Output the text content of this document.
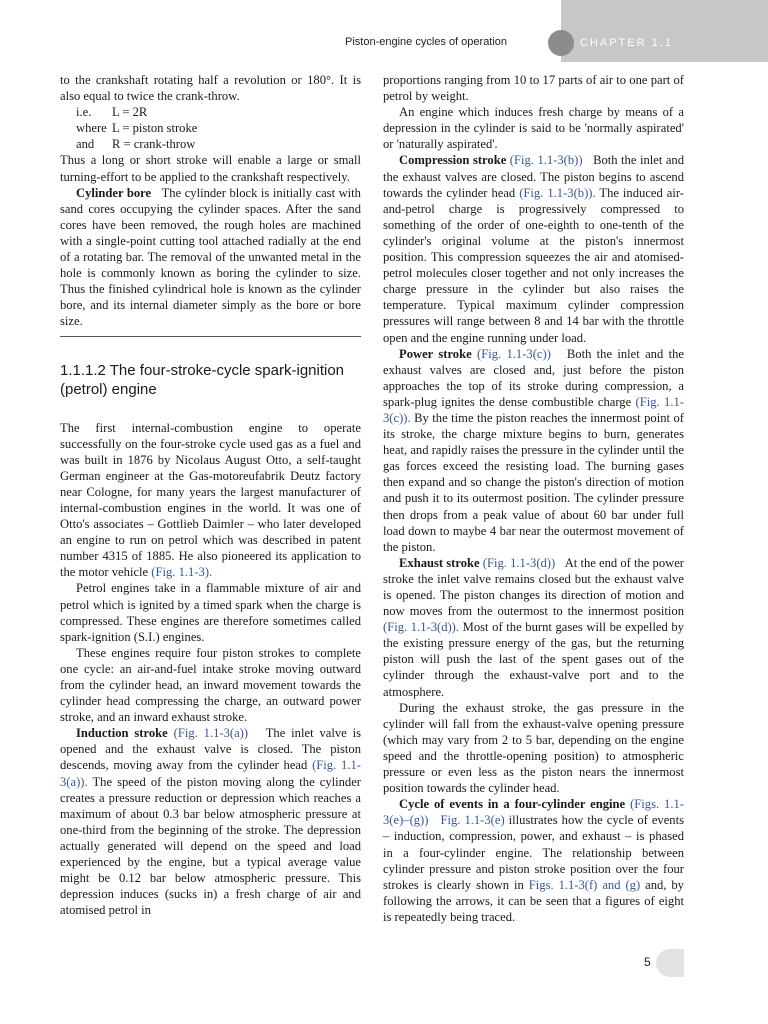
Piston-engine cycles of operation	CHAPTER 1.1

to the crankshaft rotating half a revolution or 180°. It is also equal to twice the crank-throw.

i.e.	L = 2R
where L = piston stroke
and	R = crank-throw

Thus a long or short stroke will enable a large or small turning-effort to be applied to the crankshaft respectively.

Cylinder bore The cylinder block is initially cast with sand cores occupying the cylinder spaces. After the sand cores have been removed, the rough holes are machined with a single-point cutting tool attached radially at the end of a rotating bar. The removal of the unwanted metal in the hole is commonly known as boring the cylinder to size. Thus the finished cylindrical hole is known as the cylinder bore, and its internal diameter simply as the bore or bore size.

1.1.1.2 The four-stroke-cycle spark-ignition (petrol) engine

The first internal-combustion engine to operate successfully on the four-stroke cycle used gas as a fuel and was built in 1876 by Nicolaus August Otto, a self-taught German engineer at the Gas-motoreufabrik Deutz factory near Cologne, for many years the largest manufacturer of internal-combustion engines in the world. It was one of Otto's associates – Gottlieb Daimler – who later developed an engine to run on petrol which was described in patent number 4315 of 1885. He also pioneered its application to the motor vehicle (Fig. 1.1-3).

Petrol engines take in a flammable mixture of air and petrol which is ignited by a timed spark when the charge is compressed. These engines are therefore sometimes called spark-ignition (S.I.) engines.

These engines require four piston strokes to complete one cycle: an air-and-fuel intake stroke moving outward from the cylinder head, an inward movement towards the cylinder head compressing the charge, an outward power stroke, and an inward exhaust stroke.

Induction stroke (Fig. 1.1-3(a)) The inlet valve is opened and the exhaust valve is closed. The piston descends, moving away from the cylinder head (Fig. 1.1-3(a)). The speed of the piston moving along the cylinder creates a pressure reduction or depression which reaches a maximum of about 0.3 bar below atmospheric pressure at one-third from the beginning of the stroke. The depression actually generated will depend on the speed and load experienced by the engine, but a typical average value might be 0.12 bar below atmospheric pressure. This depression induces (sucks in) a fresh charge of air and atomised petrol in

proportions ranging from 10 to 17 parts of air to one part of petrol by weight.

An engine which induces fresh charge by means of a depression in the cylinder is said to be 'normally aspirated' or 'naturally aspirated'.

Compression stroke (Fig. 1.1-3(b)) Both the inlet and the exhaust valves are closed. The piston begins to ascend towards the cylinder head (Fig. 1.1-3(b)). The induced air-and-petrol charge is progressively compressed to something of the order of one-eighth to one-tenth of the cylinder's original volume at the piston's innermost position. This compression squeezes the air and atomised-petrol molecules closer together and not only increases the charge pressure in the cylinder but also raises the temperature. Typical maximum cylinder compression pressures will range between 8 and 14 bar with the throttle open and the engine running under load.

Power stroke (Fig. 1.1-3(c)) Both the inlet and the exhaust valves are closed and, just before the piston approaches the top of its stroke during compression, a spark-plug ignites the dense combustible charge (Fig. 1.1-3(c)). By the time the piston reaches the innermost point of its stroke, the charge mixture begins to burn, generates heat, and rapidly raises the pressure in the cylinder until the gas forces exceed the resisting load. The burning gases then expand and so change the piston's direction of motion and push it to its outermost position. The cylinder pressure then drops from a peak value of about 60 bar under full load down to maybe 4 bar near the outermost movement of the piston.

Exhaust stroke (Fig. 1.1-3(d)) At the end of the power stroke the inlet valve remains closed but the exhaust valve is opened. The piston changes its direction of motion and now moves from the outermost to the innermost position (Fig. 1.1-3(d)). Most of the burnt gases will be expelled by the existing pressure energy of the gas, but the returning piston will push the last of the spent gases out of the cylinder through the exhaust-valve port and to the atmosphere.

During the exhaust stroke, the gas pressure in the cylinder will fall from the exhaust-valve opening pressure (which may vary from 2 to 5 bar, depending on the engine speed and the throttle-opening position) to atmospheric pressure or even less as the piston nears the innermost position towards the cylinder head.

Cycle of events in a four-cylinder engine (Figs. 1.1-3(e)–(g)) Fig. 1.1-3(e) illustrates how the cycle of events – induction, compression, power, and exhaust – is phased in a four-cylinder engine. The relationship between cylinder pressure and piston stroke position over the four strokes is clearly shown in Figs. 1.1-3(f) and (g) and, by following the arrows, it can be seen that a figures of eight is repeatedly being traced.

5
